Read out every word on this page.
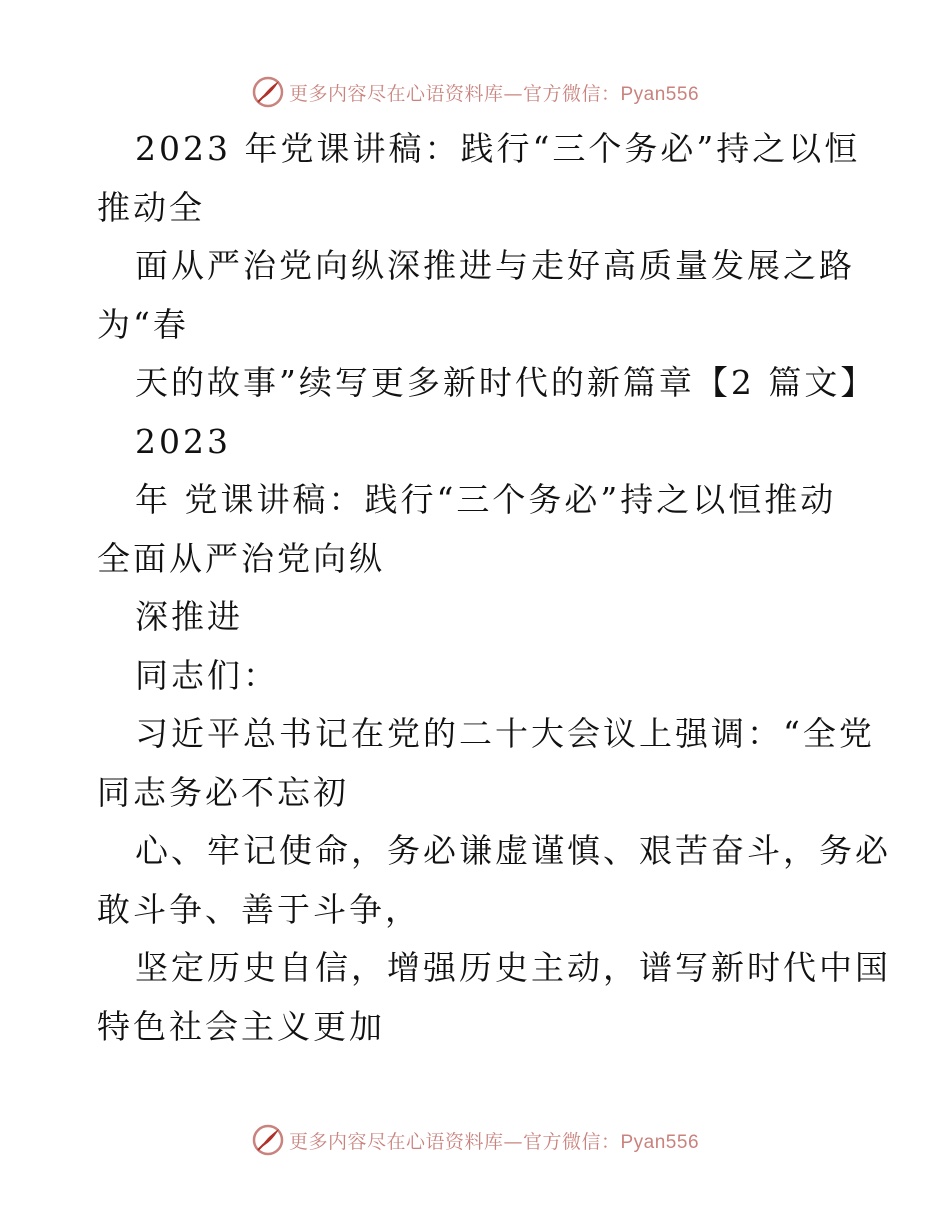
更多内容尽在心语资料库—官方微信：Pyan556
2023 年党课讲稿：践行“三个务必”持之以恒
推动全
面从严治党向纵深推进与走好高质量发展之路
为“春
天的故事”续写更多新时代的新篇章【2 篇文】
2023
年 党课讲稿：践行“三个务必”持之以恒推动
全面从严治党向纵
深推进
同志们：
习近平总书记在党的二十大会议上强调：“全党
同志务必不忘初
心、牢记使命，务必谦虚谨慎、艰苦奋斗，务必
敢斗争、善于斗争，
坚定历史自信，增强历史主动，谱写新时代中国
特色社会主义更加
更多内容尽在心语资料库—官方微信：Pyan556
